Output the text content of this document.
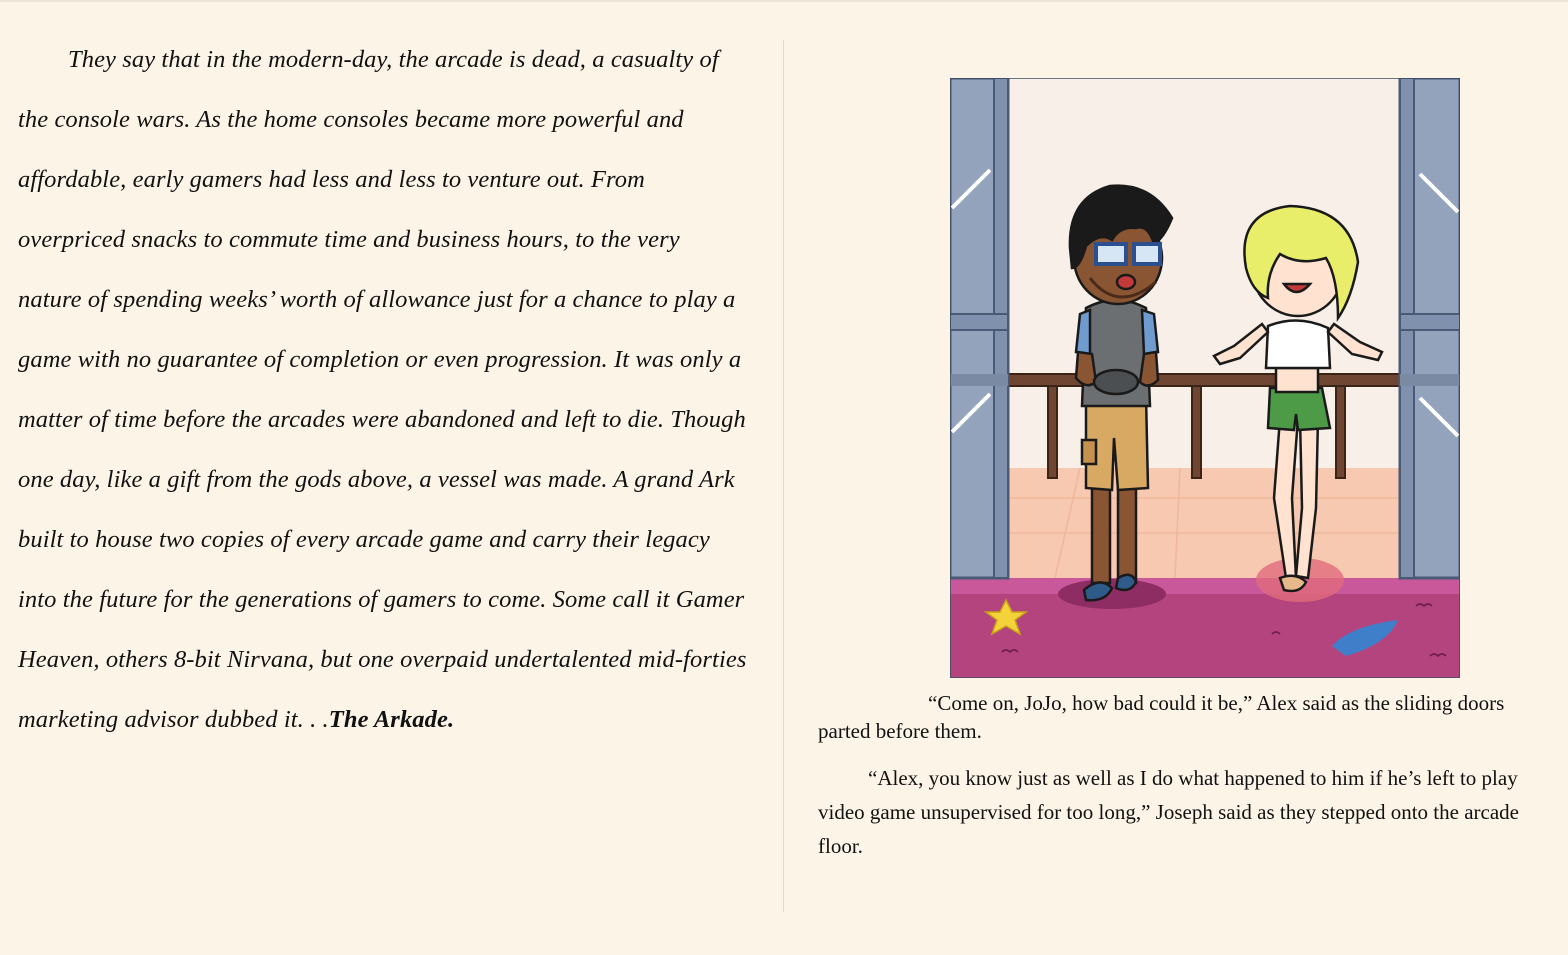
They say that in the modern-day, the arcade is dead, a casualty of the console wars. As the home consoles became more powerful and affordable, early gamers had less and less to venture out. From overpriced snacks to commute time and business hours, to the very nature of spending weeks’ worth of allowance just for a chance to play a game with no guarantee of completion or even progression. It was only a matter of time before the arcades were abandoned and left to die. Though one day, like a gift from the gods above, a vessel was made. A grand Ark built to house two copies of every arcade game and carry their legacy into the future for the generations of gamers to come. Some call it Gamer Heaven, others 8-bit Nirvana, but one overpaid undertalented mid-forties marketing advisor dubbed it. . .The Arkade.

“Come on, JoJo, how bad could it be,” Alex said as the sliding doors parted before them.

“Alex, you know just as well as I do what happened to him if he’s left to play video game unsupervised for too long,” Joseph said as they stepped onto the arcade floor.
